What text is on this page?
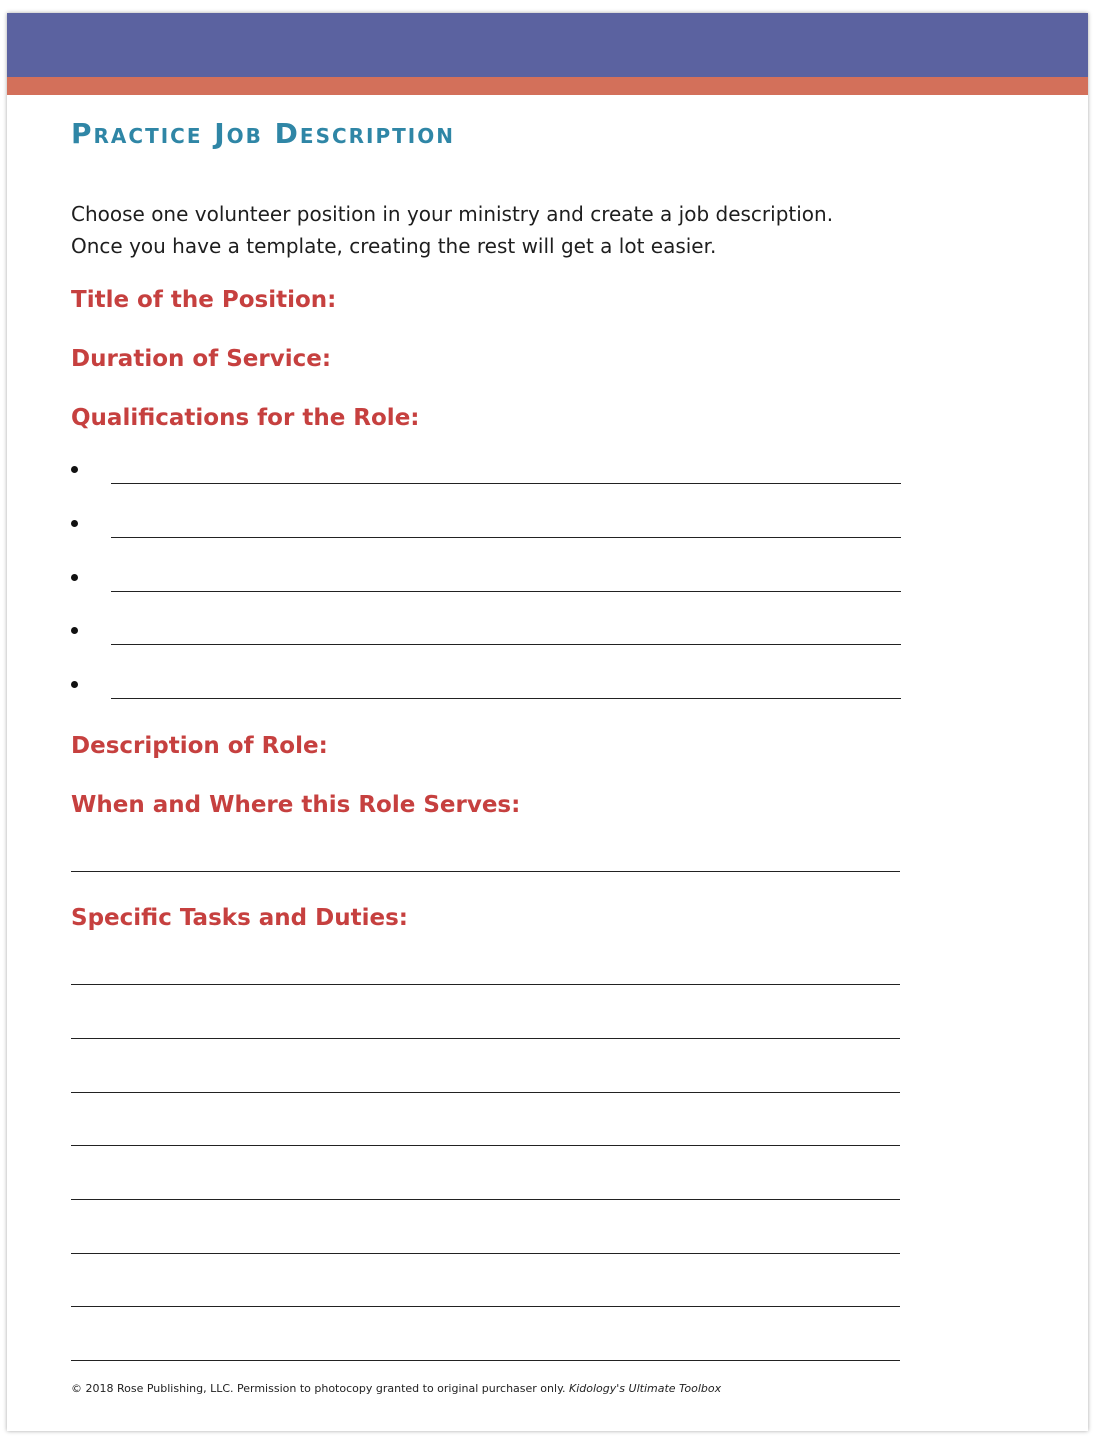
Practice Job Description

Choose one volunteer position in your ministry and create a job description.
Once you have a template, creating the rest will get a lot easier.

Title of the Position:
Duration of Service:
Qualifications for the Role:
Description of Role:
When and Where this Role Serves:
Specific Tasks and Duties:

© 2018 Rose Publishing, LLC. Permission to photocopy granted to original purchaser only. Kidology's Ultimate Toolbox
